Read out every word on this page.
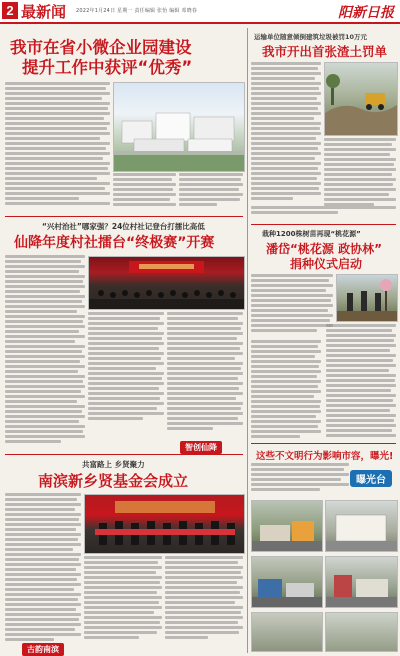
2 最新闻 2022年1月24日 星期一 责任编辑 张怡 编辑 邓晓春	阳新日报
我市在省小微企业园建设
提升工作中获评“优秀”
“兴村治社”哪家强？24位村社记登台打擂比高低
仙降年度村社擂台“终极赛”开赛
智创仙降
共富路上 乡贤聚力
南滨新乡贤基金会成立
古韵南滨
运输单位随意倾倒建筑垃圾被罚10万元
我市开出首张渣土罚单
栽种1200株树苗再现“桃花源”
潘岱“桃花源 政协林”
捐种仪式启动
这些不文明行为影响市容，曝光!
曝光台
